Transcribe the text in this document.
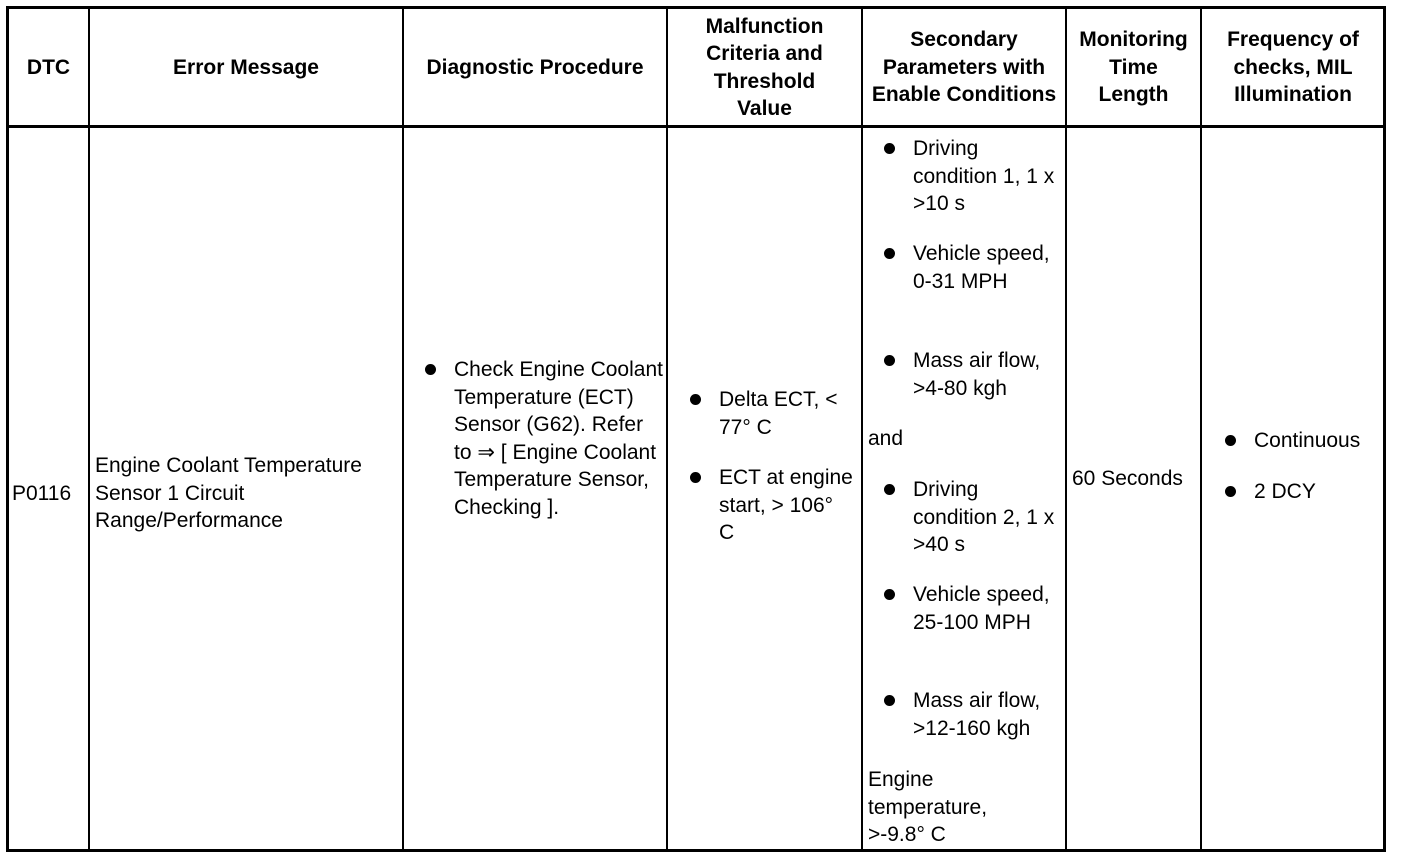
DTC	Error Message	Diagnostic Procedure
Malfunction Criteria and Threshold Value
Secondary Parameters with Enable Conditions
Monitoring Time Length
Frequency of checks, MIL Illumination
P0116
Engine Coolant Temperature Sensor 1 Circuit Range/Performance
Check Engine Coolant Temperature (ECT) Sensor (G62). Refer to ⇒ [ Engine Coolant Temperature Sensor, Checking ].
Delta ECT, < 77° C
ECT at engine start, > 106° C
Driving condition 1, 1 x >10 s
Vehicle speed, 0-31 MPH
Mass air flow, >4-80 kgh
and
Driving condition 2, 1 x >40 s
Vehicle speed, 25-100 MPH
Mass air flow, >12-160 kgh
Engine temperature, >-9.8° C
60 Seconds
Continuous
2 DCY
